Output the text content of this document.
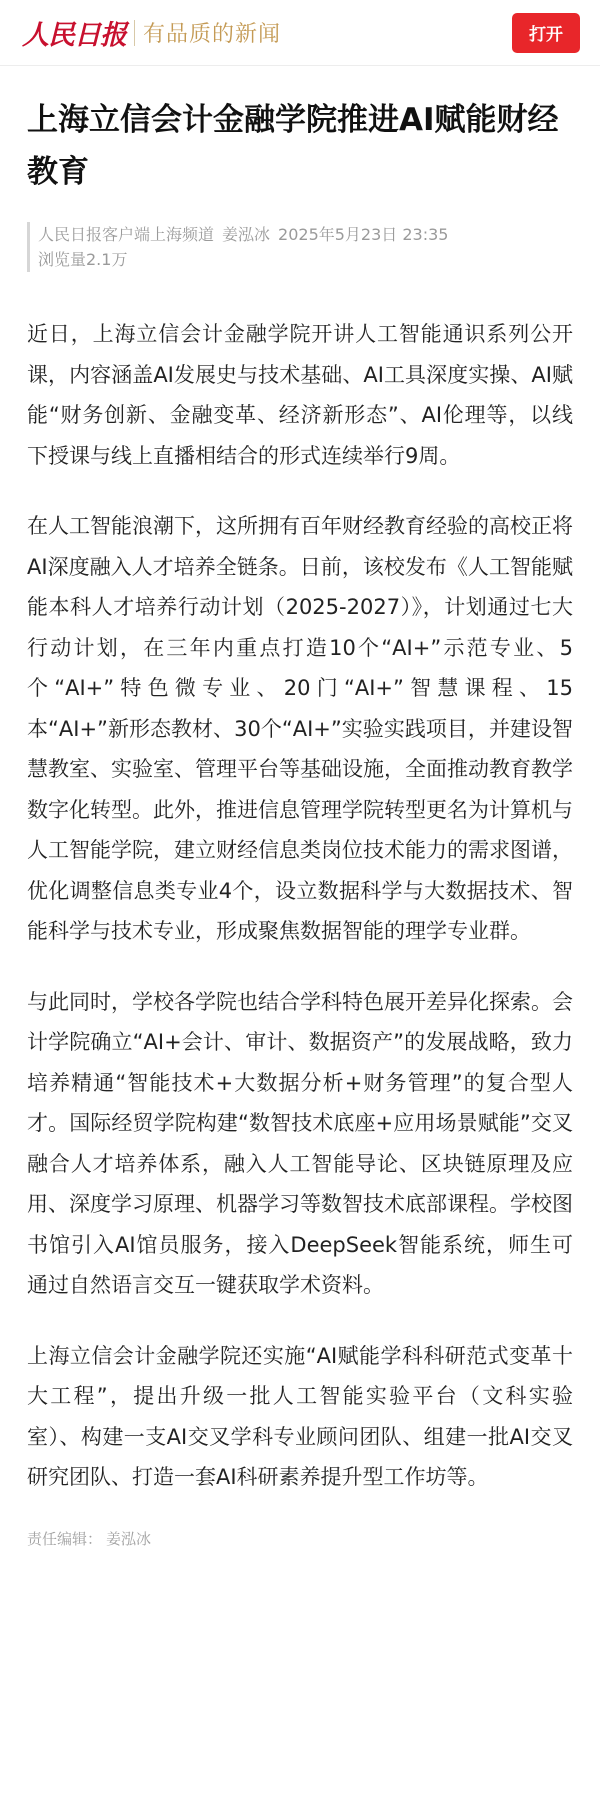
人民日报 有品质的新闻	打开
上海立信会计金融学院推进AI赋能财经教育
人民日报客户端上海频道 姜泓冰 2025年5月23日 23:35
浏览量2.1万

近日，上海立信会计金融学院开讲人工智能通识系列公开课，内容涵盖AI发展史与技术基础、AI工具深度实操、AI赋能“财务创新、金融变革、经济新形态”、AI伦理等，以线下授课与线上直播相结合的形式连续举行9周。

在人工智能浪潮下，这所拥有百年财经教育经验的高校正将AI深度融入人才培养全链条。日前，该校发布《人工智能赋能本科人才培养行动计划（2025-2027）》，计划通过七大行动计划，在三年内重点打造10个“AI+”示范专业、5个“AI+”特色微专业、20门“AI+”智慧课程、15本“AI+”新形态教材、30个“AI+”实验实践项目，并建设智慧教室、实验室、管理平台等基础设施，全面推动教育教学数字化转型。此外，推进信息管理学院转型更名为计算机与人工智能学院，建立财经信息类岗位技术能力的需求图谱，优化调整信息类专业4个，设立数据科学与大数据技术、智能科学与技术专业，形成聚焦数据智能的理学专业群。

与此同时，学校各学院也结合学科特色展开差异化探索。会计学院确立“AI+会计、审计、数据资产”的发展战略，致力培养精通“智能技术+大数据分析+财务管理”的复合型人才。国际经贸学院构建“数智技术底座+应用场景赋能”交叉融合人才培养体系，融入人工智能导论、区块链原理及应用、深度学习原理、机器学习等数智技术底部课程。学校图书馆引入AI馆员服务，接入DeepSeek智能系统，师生可通过自然语言交互一键获取学术资料。

上海立信会计金融学院还实施“AI赋能学科科研范式变革十大工程”，提出升级一批人工智能实验平台（文科实验室）、构建一支AI交叉学科专业顾问团队、组建一批AI交叉研究团队、打造一套AI科研素养提升型工作坊等。

责任编辑： 姜泓冰
